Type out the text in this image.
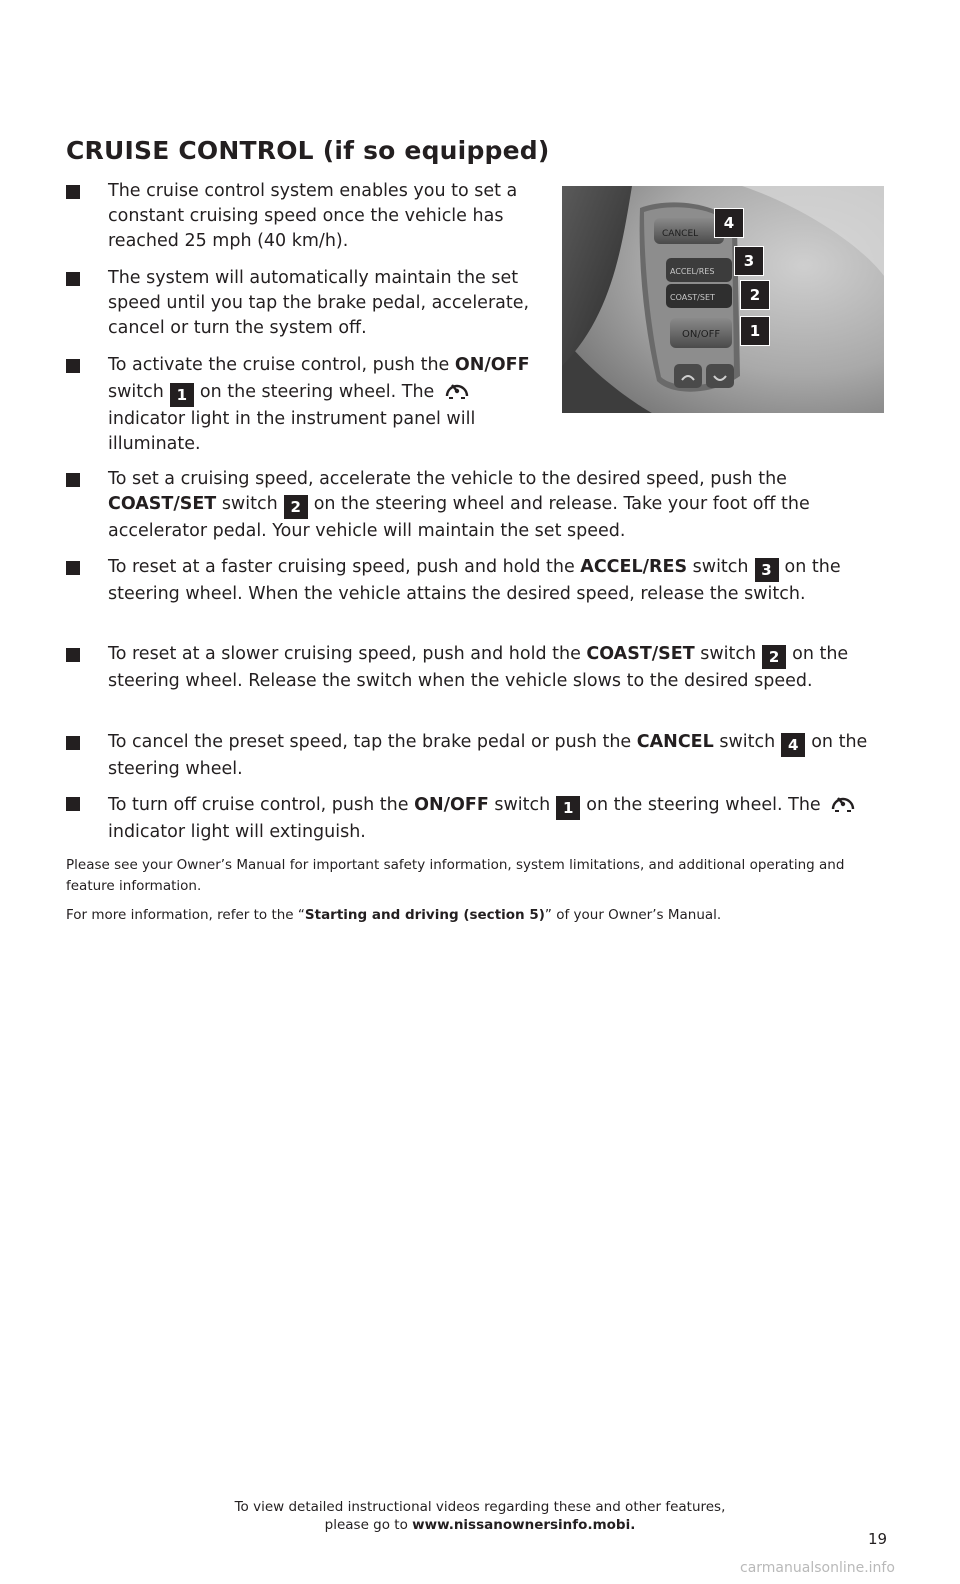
CRUISE CONTROL (if so equipped)
CANCEL
ACCEL/RES
COAST/SET
ON/OFF
4
3
2
1
The cruise control system enables you to set a constant cruising speed once the vehicle has reached 25 mph (40 km/h).
The system will automatically maintain the set speed until you tap the brake pedal, accelerate, cancel or turn the system off.
To activate the cruise control, push the ON/OFF switch 1 on the steering wheel. The  indicator light in the instrument panel will illuminate.
To set a cruising speed, accelerate the vehicle to the desired speed, push the COAST/SET switch 2 on the steering wheel and release. Take your foot off the accelerator pedal. Your vehicle will maintain the set speed.
To reset at a faster cruising speed, push and hold the ACCEL/RES switch 3 on the steering wheel. When the vehicle attains the desired speed, release the switch.
To reset at a slower cruising speed, push and hold the COAST/SET switch 2 on the steering wheel. Release the switch when the vehicle slows to the desired speed.
To cancel the preset speed, tap the brake pedal or push the CANCEL switch 4 on the steering wheel.
To turn off cruise control, push the ON/OFF switch 1 on the steering wheel. The  indicator light will extinguish.
Please see your Owner’s Manual for important safety information, system limitations, and additional operating and feature information.
For more information, refer to the “Starting and driving (section 5)” of your Owner’s Manual.
To view detailed instructional videos regarding these and other features,
please go to www.nissanownersinfo.mobi.
19
carmanualsonline.info
